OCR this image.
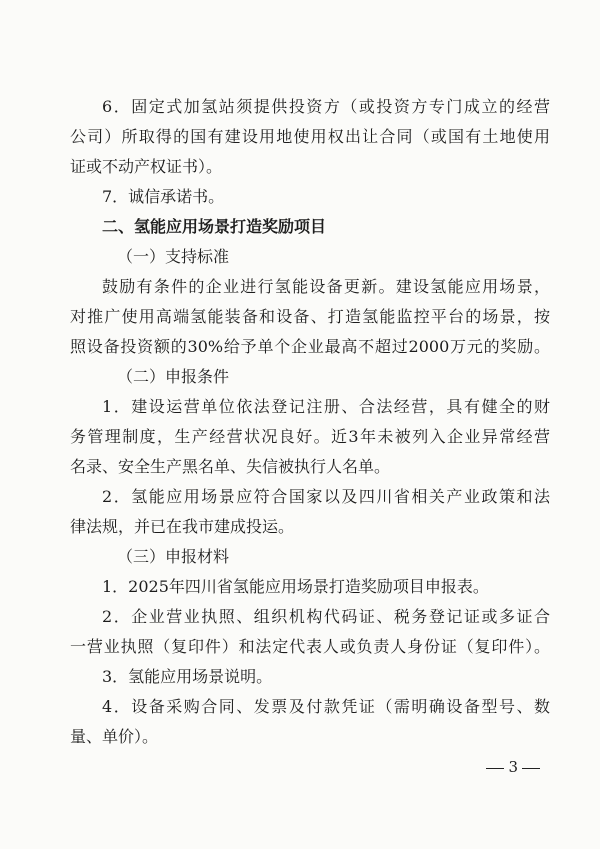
6．固定式加氢站须提供投资方（或投资方专门成立的经营
公司）所取得的国有建设用地使用权出让合同（或国有土地使用
证或不动产权证书）。
7．诚信承诺书。
二、氢能应用场景打造奖励项目
（一）支持标准
鼓励有条件的企业进行氢能设备更新。建设氢能应用场景，
对推广使用高端氢能装备和设备、打造氢能监控平台的场景，按
照设备投资额的30%给予单个企业最高不超过2000万元的奖励。
（二）申报条件
1．建设运营单位依法登记注册、合法经营，具有健全的财
务管理制度，生产经营状况良好。近3年未被列入企业异常经营
名录、安全生产黑名单、失信被执行人名单。
2．氢能应用场景应符合国家以及四川省相关产业政策和法
律法规，并已在我市建成投运。
（三）申报材料
1．2025年四川省氢能应用场景打造奖励项目申报表。
2．企业营业执照、组织机构代码证、税务登记证或多证合
一营业执照（复印件）和法定代表人或负责人身份证（复印件）。
3．氢能应用场景说明。
4．设备采购合同、发票及付款凭证（需明确设备型号、数
量、单价）。
3
